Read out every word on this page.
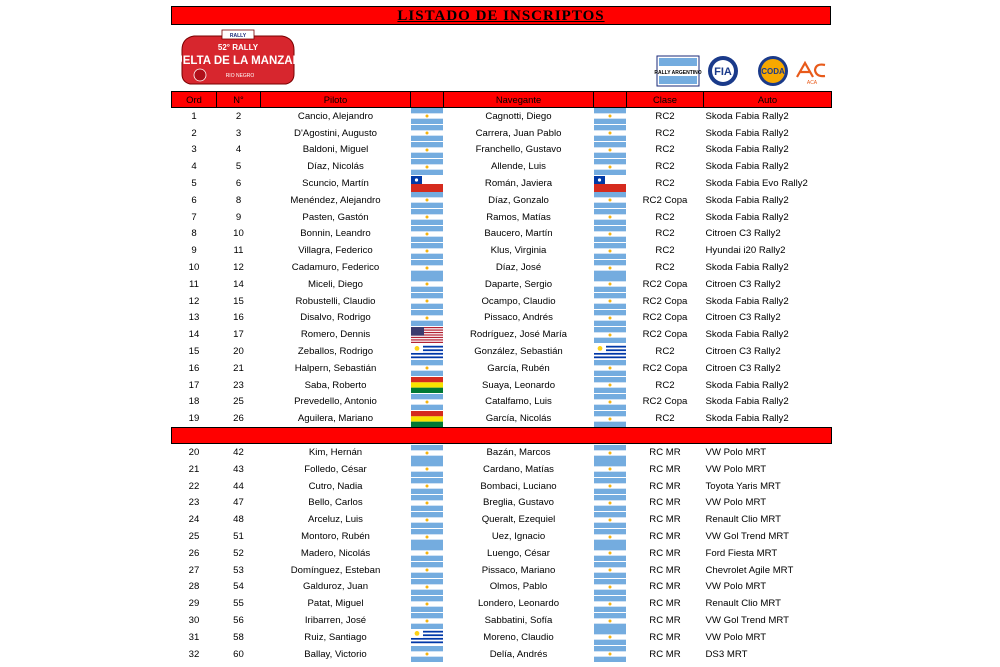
LISTADO DE INSCRIPTOS
RALLY
52° RALLY
VUELTA DE LA MANZANA
RIO NEGRO	RALLY ARGENTINO FIA	CODA
ACA
Ord	N°	Piloto		Navegante		Clase	Auto
1	2	Cancio, Alejandro		Cagnotti, Diego		RC2	Skoda Fabia Rally2
2	3	D'Agostini, Augusto		Carrera, Juan Pablo		RC2	Skoda Fabia Rally2
3	4	Baldoni, Miguel		Franchello, Gustavo		RC2	Skoda Fabia Rally2
4	5	Díaz, Nicolás		Allende, Luis		RC2	Skoda Fabia Rally2
5	6	Scuncio, Martín		Román, Javiera		RC2	Skoda Fabia Evo Rally2
6	8	Menéndez, Alejandro		Díaz, Gonzalo		RC2 Copa	Skoda Fabia Rally2
7	9	Pasten, Gastón		Ramos, Matías		RC2	Skoda Fabia Rally2
8	10	Bonnin, Leandro		Baucero, Martín		RC2	Citroen C3 Rally2
9	11	Villagra, Federico		Klus, Virginia		RC2	Hyundai i20 Rally2
10	12	Cadamuro, Federico		Díaz, José		RC2	Skoda Fabia Rally2
11	14	Miceli, Diego		Daparte, Sergio		RC2 Copa	Citroen C3 Rally2
12	15	Robustelli, Claudio		Ocampo, Claudio		RC2 Copa	Skoda Fabia Rally2
13	16	Disalvo, Rodrigo		Pissaco, Andrés		RC2 Copa	Citroen C3 Rally2
14	17	Romero, Dennis		Rodríguez, José María		RC2 Copa	Skoda Fabia Rally2
15	20	Zeballos, Rodrigo		González, Sebastián		RC2	Citroen C3 Rally2
16	21	Halpern, Sebastián		García, Rubén		RC2 Copa	Citroen C3 Rally2
17	23	Saba, Roberto		Suaya, Leonardo		RC2	Skoda Fabia Rally2
18	25	Prevedello, Antonio		Catalfamo, Luis		RC2 Copa	Skoda Fabia Rally2
19	26	Aguilera, Mariano		García, Nicolás		RC2	Skoda Fabia Rally2

20	42	Kim, Hernán		Bazán, Marcos		RC MR	VW Polo MRT
21	43	Folledo, César		Cardano, Matías		RC MR	VW Polo MRT
22	44	Cutro, Nadia		Bombaci, Luciano		RC MR	Toyota Yaris MRT
23	47	Bello, Carlos		Breglia, Gustavo		RC MR	VW Polo MRT
24	48	Arceluz, Luis		Queralt, Ezequiel		RC MR	Renault Clio MRT
25	51	Montoro, Rubén		Uez, Ignacio		RC MR	VW Gol Trend MRT
26	52	Madero, Nicolás		Luengo, César		RC MR	Ford Fiesta MRT
27	53	Domínguez, Esteban		Pissaco, Mariano		RC MR	Chevrolet Agile MRT
28	54	Galduroz, Juan		Olmos, Pablo		RC MR	VW Polo MRT
29	55	Patat, Miguel		Londero, Leonardo		RC MR	Renault Clio MRT
30	56	Iribarren, José		Sabbatini, Sofía		RC MR	VW Gol Trend MRT
31	58	Ruiz, Santiago		Moreno, Claudio		RC MR	VW Polo MRT
32	60	Ballay, Victorio		Delía, Andrés		RC MR	DS3 MRT
